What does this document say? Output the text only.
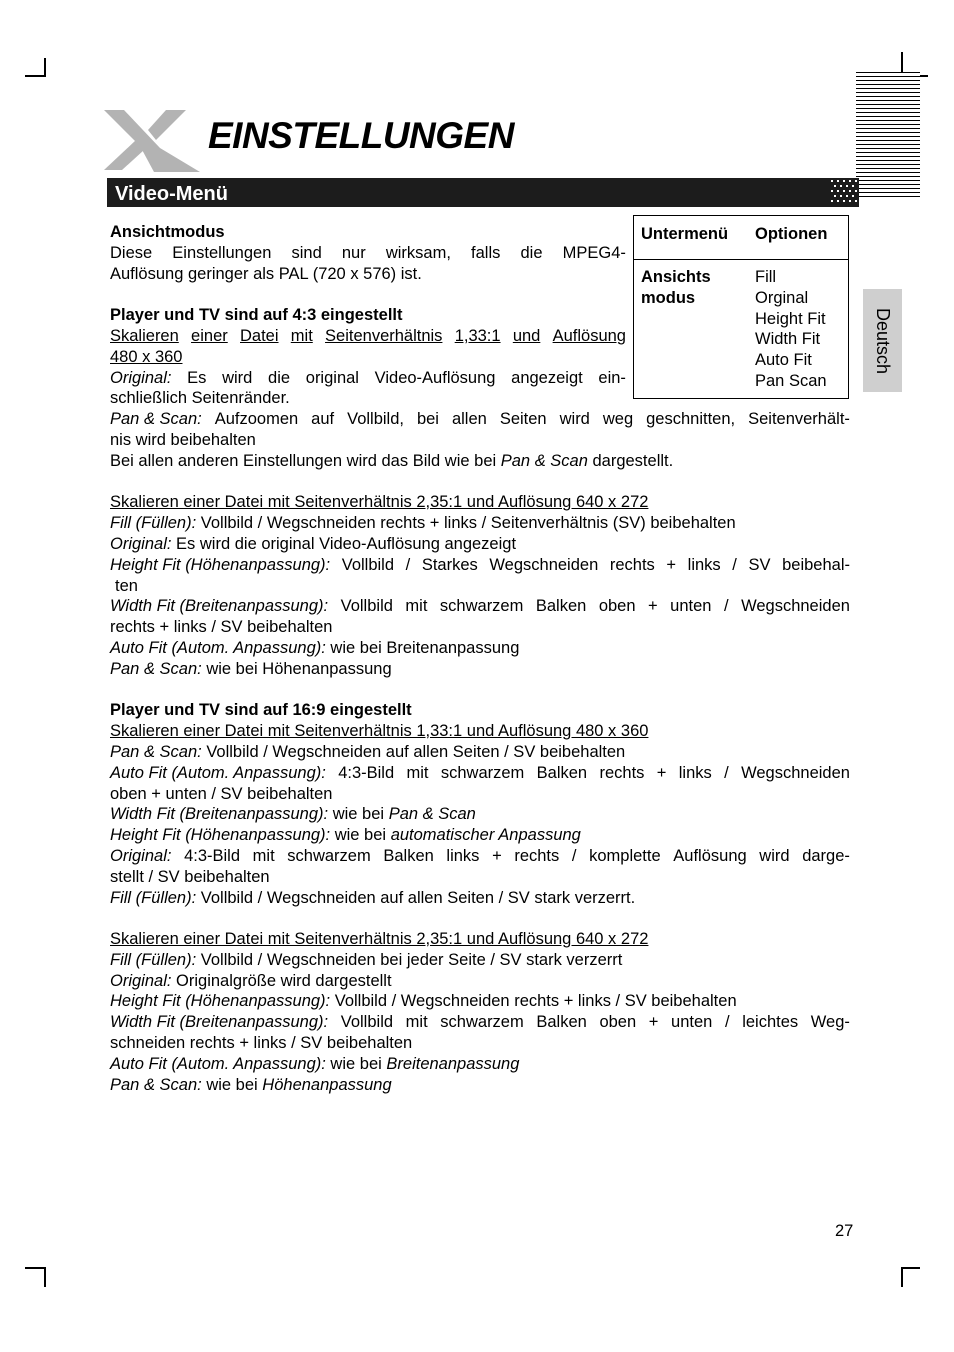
EINSTELLUNGEN
Video-Menü
Deutsch
Untermenü Optionen
Ansichts
modus
Fill
Orginal
Height Fit
Width Fit
Auto Fit
Pan Scan
Ansichtmodus
Diese Einstellungen sind nur wirksam, falls die MPEG4-
Auflösung geringer als PAL (720 x 576) ist.
Player und TV sind auf 4:3 eingestellt
Skalieren einer Datei mit Seitenverhältnis 1,33:1 und Auflösung
480 x 360
Original: Es wird die original Video-Auflösung angezeigt ein-
schließlich Seitenränder.
Pan & Scan: Aufzoomen auf Vollbild, bei allen Seiten wird weg geschnitten, Seitenverhält-
nis wird beibehalten
Bei allen anderen Einstellungen wird das Bild wie bei Pan & Scan dargestellt.
Skalieren einer Datei mit Seitenverhältnis 2,35:1 und Auflösung 640 x 272
Fill (Füllen): Vollbild / Wegschneiden rechts + links / Seitenverhältnis (SV) beibehalten
Original: Es wird die original Video-Auflösung angezeigt
Height Fit (Höhenanpassung): Vollbild / Starkes Wegschneiden rechts + links / SV beibehal-
ten
Width Fit (Breitenanpassung): Vollbild mit schwarzem Balken oben + unten / Wegschneiden
rechts + links / SV beibehalten
Auto Fit (Autom. Anpassung): wie bei Breitenanpassung
Pan & Scan: wie bei Höhenanpassung
Player und TV sind auf 16:9 eingestellt
Skalieren einer Datei mit Seitenverhältnis 1,33:1 und Auflösung 480 x 360
Pan & Scan: Vollbild / Wegschneiden auf allen Seiten / SV beibehalten
Auto Fit (Autom. Anpassung): 4:3-Bild mit schwarzem Balken rechts + links / Wegschneiden
oben + unten / SV beibehalten
Width Fit (Breitenanpassung): wie bei Pan & Scan
Height Fit (Höhenanpassung): wie bei automatischer Anpassung
Original: 4:3-Bild mit schwarzem Balken links + rechts / komplette Auflösung wird darge-
stellt / SV beibehalten
Fill (Füllen): Vollbild / Wegschneiden auf allen Seiten / SV stark verzerrt.
Skalieren einer Datei mit Seitenverhältnis 2,35:1 und Auflösung 640 x 272
Fill (Füllen): Vollbild / Wegschneiden bei jeder Seite / SV stark verzerrt
Original: Originalgröße wird dargestellt
Height Fit (Höhenanpassung): Vollbild / Wegschneiden rechts + links / SV beibehalten
Width Fit (Breitenanpassung): Vollbild mit schwarzem Balken oben + unten / leichtes Weg-
schneiden rechts + links / SV beibehalten
Auto Fit (Autom. Anpassung): wie bei Breitenanpassung
Pan & Scan: wie bei Höhenanpassung
27
